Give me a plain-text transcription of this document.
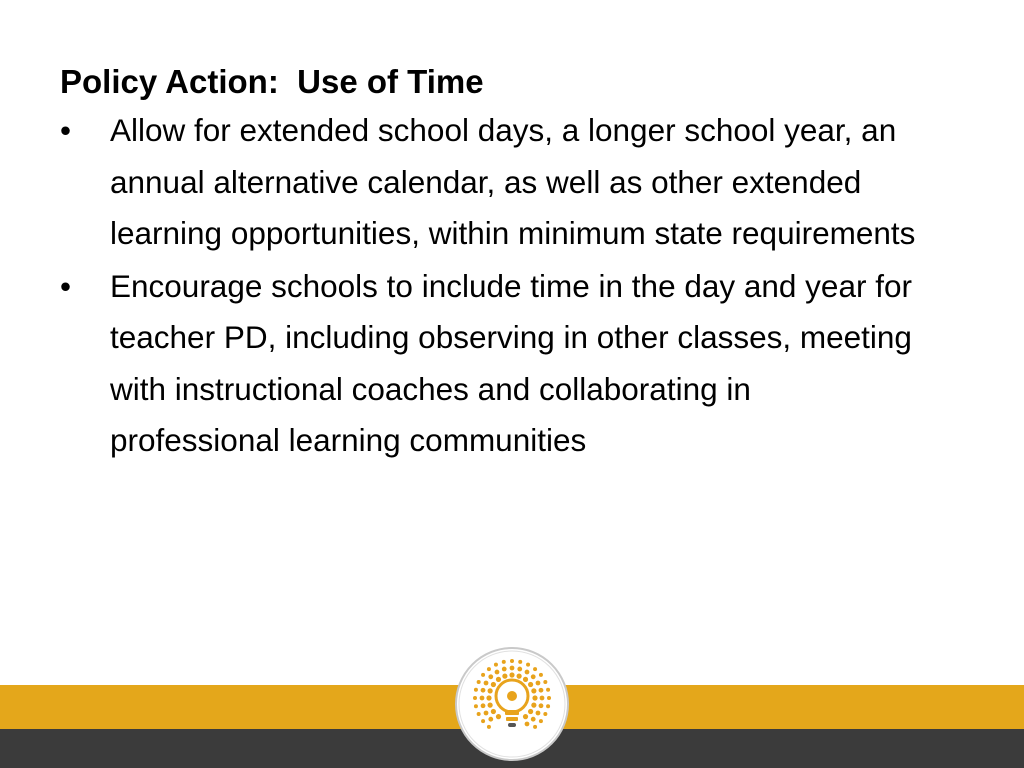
Policy Action:  Use of Time
•	Allow for extended school days, a longer school year, an annual alternative calendar, as well as other extended learning opportunities, within minimum state requirements
•	Encourage schools to include time in the day and year for teacher PD, including observing in other classes, meeting with instructional coaches and collaborating in professional learning communities
